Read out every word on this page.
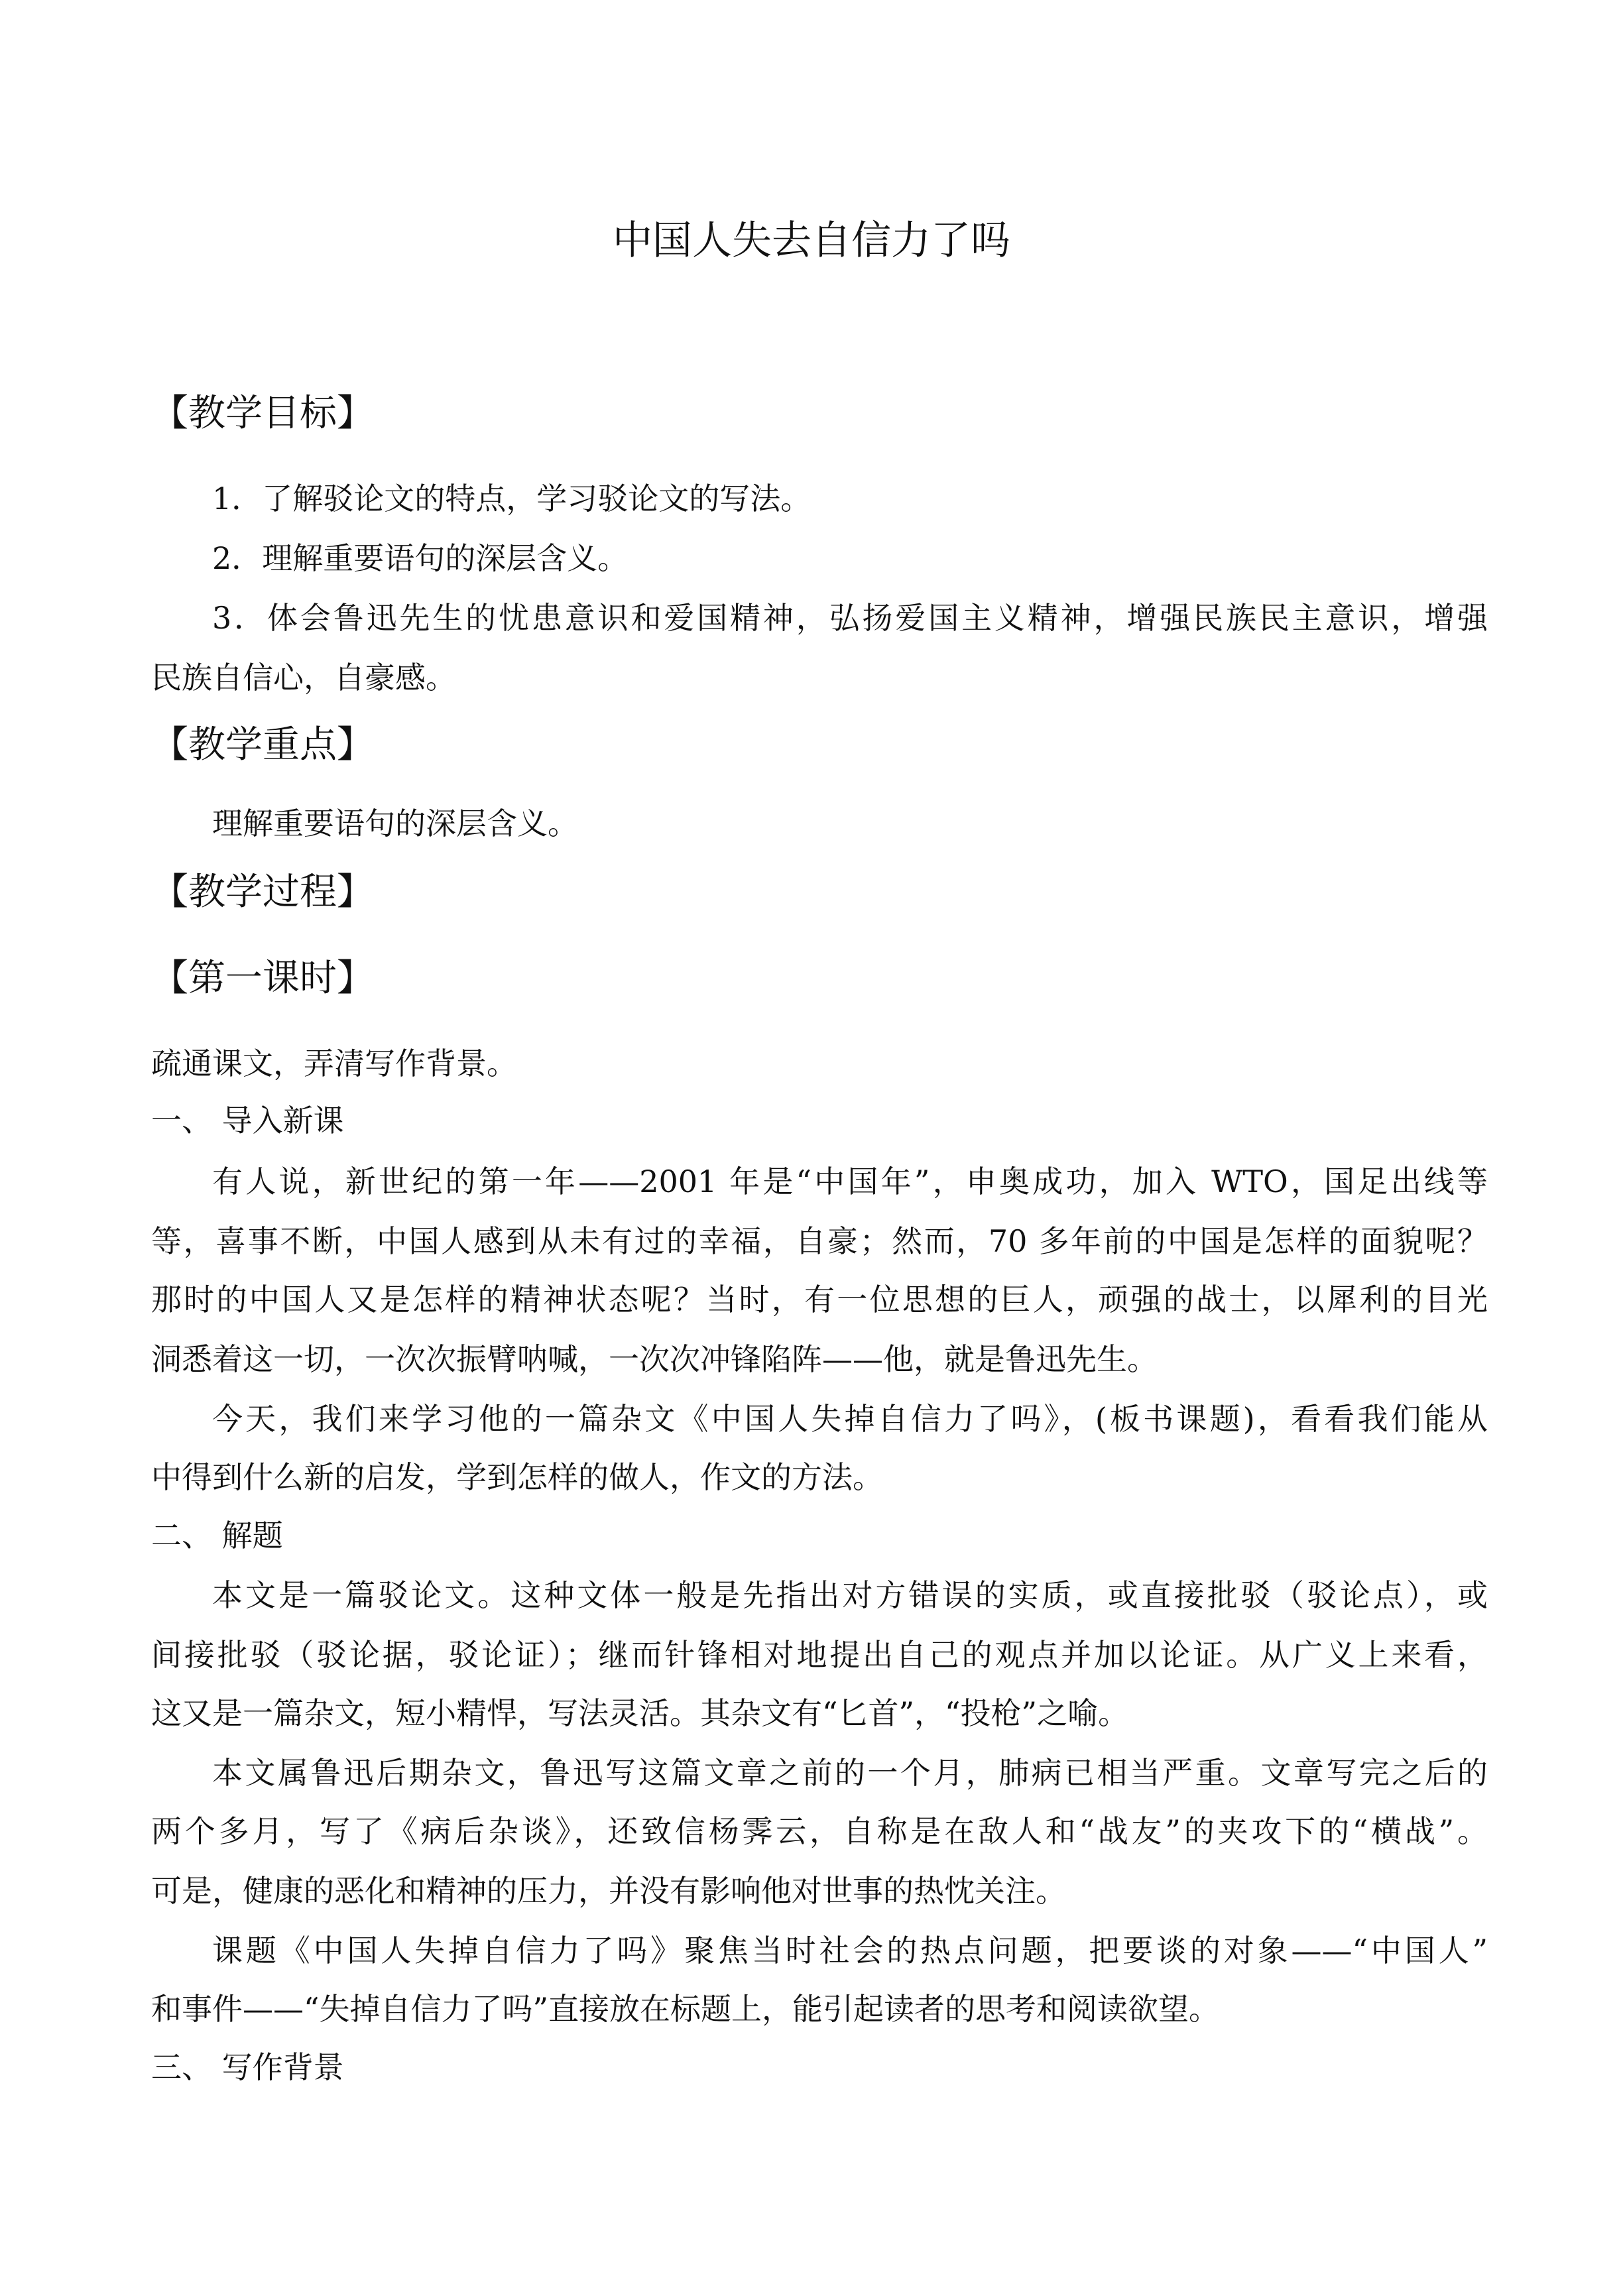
中国人失去自信力了吗
【教学目标】
1．了解驳论文的特点，学习驳论文的写法。
2．理解重要语句的深层含义。
3．体会鲁迅先生的忧患意识和爱国精神，弘扬爱国主义精神，增强民族民主意识，增强
民族自信心，自豪感。
【教学重点】
理解重要语句的深层含义。
【教学过程】
【第一课时】
疏通课文，弄清写作背景。
一、 导入新课
有人说，新世纪的第一年——2001 年是“中国年”，申奥成功，加入 WTO，国足出线等
等，喜事不断，中国人感到从未有过的幸福，自豪；然而，70 多年前的中国是怎样的面貌呢？
那时的中国人又是怎样的精神状态呢？当时，有一位思想的巨人，顽强的战士，以犀利的目光
洞悉着这一切，一次次振臂呐喊，一次次冲锋陷阵——他，就是鲁迅先生。
今天，我们来学习他的一篇杂文《中国人失掉自信力了吗》，(板书课题)，看看我们能从
中得到什么新的启发，学到怎样的做人，作文的方法。
二、 解题
本文是一篇驳论文。这种文体一般是先指出对方错误的实质，或直接批驳（驳论点），或
间接批驳（驳论据，驳论证）；继而针锋相对地提出自己的观点并加以论证。从广义上来看，
这又是一篇杂文，短小精悍，写法灵活。其杂文有“匕首”，“投枪”之喻。
本文属鲁迅后期杂文，鲁迅写这篇文章之前的一个月，肺病已相当严重。文章写完之后的
两个多月，写了《病后杂谈》，还致信杨霁云，自称是在敌人和“战友”的夹攻下的“横战”。
可是，健康的恶化和精神的压力，并没有影响他对世事的热忱关注。
课题《中国人失掉自信力了吗》聚焦当时社会的热点问题，把要谈的对象——“中国人”
和事件——“失掉自信力了吗”直接放在标题上，能引起读者的思考和阅读欲望。
三、 写作背景
